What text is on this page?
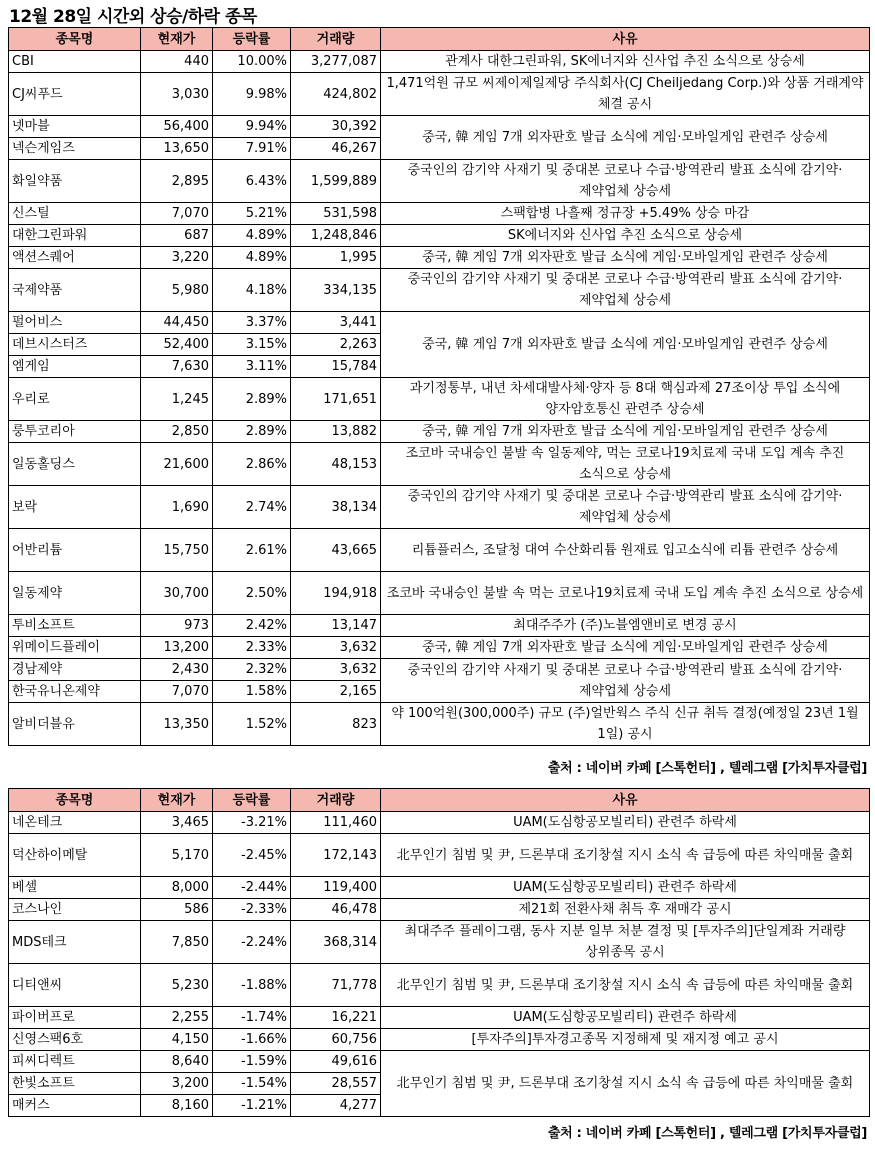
12월 28일 시간외 상승/하락 종목
종목명	현재가	등락률	거래량	사유
CBI	440	10.00%	3,277,087	관계사 대한그린파워, SK에너지와 신사업 추진 소식으로 상승세
CJ씨푸드	3,030	9.98%	424,802	1,471억원 규모 씨제이제일제당 주식회사(CJ Cheiljedang Corp.)와 상품 거래계약 체결 공시
넷마블	56,400	9.94%	30,392	중국, 韓 게임 7개 외자판호 발급 소식에 게임·모바일게임 관련주 상승세
넥슨게임즈	13,650	7.91%	46,267	
화일약품	2,895	6.43%	1,599,889	중국인의 감기약 사재기 및 중대본 코로나 수급·방역관리 발표 소식에 감기약·제약업체 상승세
신스틸	7,070	5.21%	531,598	스팩합병 나흘째 정규장 +5.49% 상승 마감
대한그린파워	687	4.89%	1,248,846	SK에너지와 신사업 추진 소식으로 상승세
액션스퀘어	3,220	4.89%	1,995	중국, 韓 게임 7개 외자판호 발급 소식에 게임·모바일게임 관련주 상승세
국제약품	5,980	4.18%	334,135	중국인의 감기약 사재기 및 중대본 코로나 수급·방역관리 발표 소식에 감기약·제약업체 상승세
펄어비스	44,450	3.37%	3,441	중국, 韓 게임 7개 외자판호 발급 소식에 게임·모바일게임 관련주 상승세
데브시스터즈	52,400	3.15%	2,263	
엠게임	7,630	3.11%	15,784	
우리로	1,245	2.89%	171,651	과기정통부, 내년 차세대발사체·양자 등 8대 핵심과제 27조이상 투입 소식에 양자암호통신 관련주 상승세
룽투코리아	2,850	2.89%	13,882	중국, 韓 게임 7개 외자판호 발급 소식에 게임·모바일게임 관련주 상승세
일동홀딩스	21,600	2.86%	48,153	조코바 국내승인 불발 속 일동제약, 먹는 코로나19치료제 국내 도입 계속 추진 소식으로 상승세
보락	1,690	2.74%	38,134	중국인의 감기약 사재기 및 중대본 코로나 수급·방역관리 발표 소식에 감기약·제약업체 상승세
어반리튬	15,750	2.61%	43,665	리튬플러스, 조달청 대여 수산화리튬 원재료 입고소식에 리튬 관련주 상승세
일동제약	30,700	2.50%	194,918	조코바 국내승인 불발 속 먹는 코로나19치료제 국내 도입 계속 추진 소식으로 상승세
투비소프트	973	2.42%	13,147	최대주주가 (주)노블엠앤비로 변경 공시
위메이드플레이	13,200	2.33%	3,632	중국, 韓 게임 7개 외자판호 발급 소식에 게임·모바일게임 관련주 상승세
경남제약	2,430	2.32%	3,632	중국인의 감기약 사재기 및 중대본 코로나 수급·방역관리 발표 소식에 감기약·제약업체 상승세
한국유니온제약	7,070	1.58%	2,165	
알비더블유	13,350	1.52%	823	약 100억원(300,000주) 규모 (주)얼반웍스 주식 신규 취득 결정(예정일 23년 1월 1일) 공시
출처 : 네이버 카페 [스톡헌터] , 텔레그램 [가치투자클럽]
종목명	현재가	등락률	거래량	사유
네온테크	3,465	-3.21%	111,460	UAM(도심항공모빌리티) 관련주 하락세
덕산하이메탈	5,170	-2.45%	172,143	北무인기 침범 및 尹, 드론부대 조기창설 지시 소식 속 급등에 따른 차익매물 출회
베셀	8,000	-2.44%	119,400	UAM(도심항공모빌리티) 관련주 하락세
코스나인	586	-2.33%	46,478	제21회 전환사채 취득 후 재매각 공시
MDS테크	7,850	-2.24%	368,314	최대주주 플레이그램, 동사 지분 일부 처분 결정 및 [투자주의]단일계좌 거래량 상위종목 공시
디티앤씨	5,230	-1.88%	71,778	北무인기 침범 및 尹, 드론부대 조기창설 지시 소식 속 급등에 따른 차익매물 출회
파이버프로	2,255	-1.74%	16,221	UAM(도심항공모빌리티) 관련주 하락세
신영스팩6호	4,150	-1.66%	60,756	[투자주의]투자경고종목 지정해제 및 재지정 예고 공시
피씨디렉트	8,640	-1.59%	49,616	北무인기 침범 및 尹, 드론부대 조기창설 지시 소식 속 급등에 따른 차익매물 출회
한빛소프트	3,200	-1.54%	28,557	
매커스	8,160	-1.21%	4,277	
출처 : 네이버 카페 [스톡헌터] , 텔레그램 [가치투자클럽]
